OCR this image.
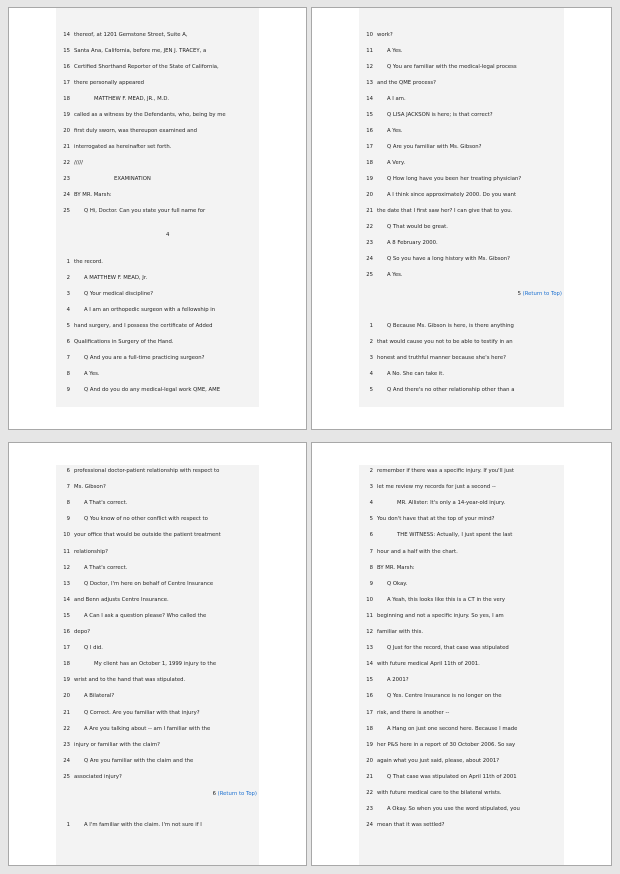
14 thereof, at 1201 Gemstone Street, Suite A,
15 Santa Ana, California, before me, JEN J. TRACEY, a
16 Certified Shorthand Reporter of the State of California,
17 there personally appeared
18	MATTHEW F. MEAD, JR., M.D.
19 called as a witness by the Defendants, who, being by me
20 first duly sworn, was thereupon examined and
21 interrogated as hereinafter set forth.
22 /////
23	EXAMINATION
24 BY MR. Marsh:
25	Q Hi, Doctor. Can you state your full name for
4
1 the record.
2	A MATTHEW F. MEAD, Jr.
3	Q Your medical discipline?
4	A I am an orthopedic surgeon with a fellowship in
5 hand surgery, and I possess the certificate of Added
6 Qualifications in Surgery of the Hand.
7	Q And you are a full-time practicing surgeon?
8	A Yes.
9	Q And do you do any medical-legal work QME, AME
10 work?
11	A Yes.
12	Q You are familiar with the medical-legal process
13 and the QME process?
14	A I am.
15	Q LISA JACKSON is here; is that correct?
16	A Yes.
17	Q Are you familiar with Ms. Gibson?
18	A Very.
19	Q How long have you been her treating physician?
20	A I think since approximately 2000. Do you want
21 the date that I first saw her? I can give that to you.
22	Q That would be great.
23	A 8 February 2000.
24	Q So you have a long history with Ms. Gibson?
25	A Yes.
5 (Return to Top)
1	Q Because Ms. Gibson is here, is there anything
2 that would cause you not to be able to testify in an
3 honest and truthful manner because she's here?
4	A No. She can take it.
5	Q And there's no other relationship other than a
6 professional doctor-patient relationship with respect to
7 Ms. Gibson?
8	A That's correct.
9	Q You know of no other conflict with respect to
10 your office that would be outside the patient treatment
11 relationship?
12	A That's correct.
13	Q Doctor, I'm here on behalf of Centre Insurance
14 and Benn adjusts Centre Insurance.
15	A Can I ask a question please? Who called the
16 depo?
17	Q I did.
18	My client has an October 1, 1999 injury to the
19 wrist and to the hand that was stipulated.
20	A Bilateral?
21	Q Correct. Are you familiar with that injury?
22	A Are you talking about -- am I familiar with the
23 injury or familiar with the claim?
24	Q Are you familiar with the claim and the
25 associated injury?
6 (Return to Top)
1	A I'm familiar with the claim. I'm not sure if I
2 remember if there was a specific injury. If you'll just
3 let me review my records for just a second --
4	MR. Allister: It's only a 14-year-old injury.
5 You don't have that at the top of your mind?
6	THE WITNESS: Actually, I just spent the last
7 hour and a half with the chart.
8 BY MR. Marsh:
9	Q Okay.
10	A Yeah, this looks like this is a CT in the very
11 beginning and not a specific injury. So yes, I am
12 familiar with this.
13	Q Just for the record, that case was stipulated
14 with future medical April 11th of 2001.
15	A 2001?
16	Q Yes. Centre Insurance is no longer on the
17 risk, and there is another --
18	A Hang on just one second here. Because I made
19 her P&S here in a report of 30 October 2006. So say
20 again what you just said, please, about 2001?
21	Q That case was stipulated on April 11th of 2001
22 with future medical care to the bilateral wrists.
23	A Okay. So when you use the word stipulated, you
24 mean that it was settled?
